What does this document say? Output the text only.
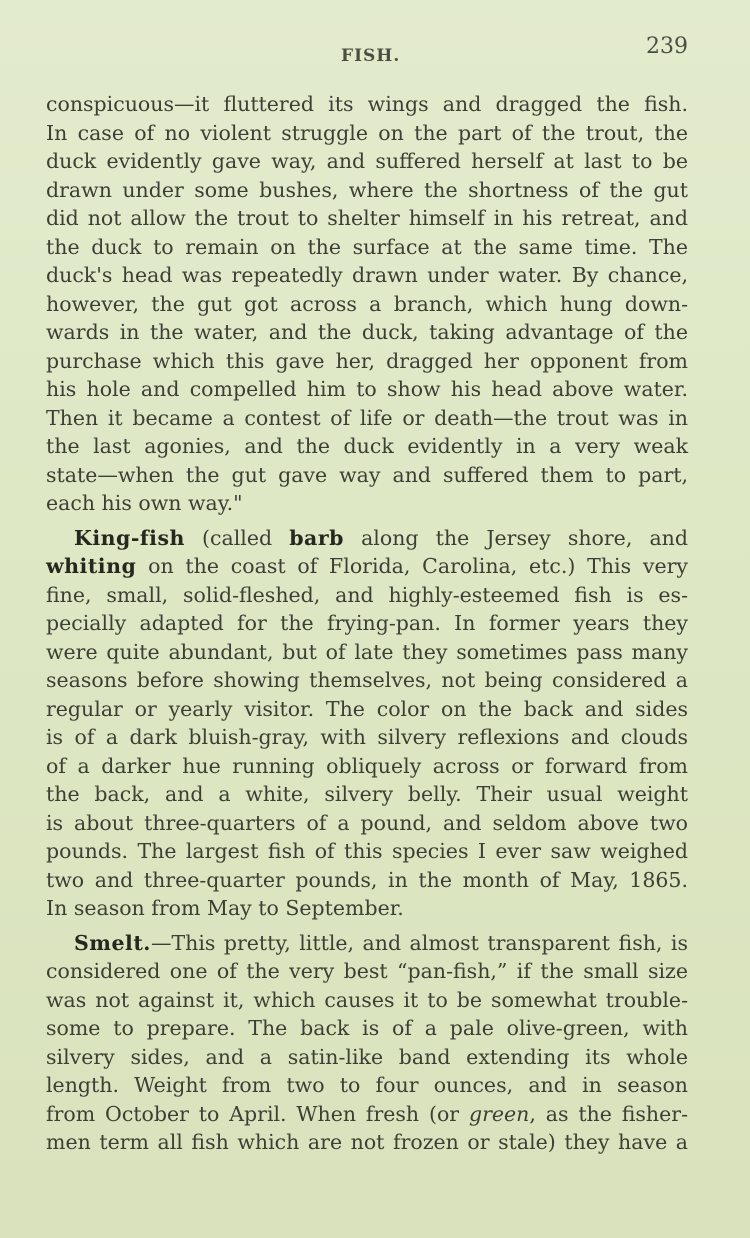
FISH.	239
conspicuous—it fluttered its wings and dragged the fish.
In case of no violent struggle on the part of the trout, the
duck evidently gave way, and suffered herself at last to be
drawn under some bushes, where the shortness of the gut
did not allow the trout to shelter himself in his retreat, and
the duck to remain on the surface at the same time. The
duck's head was repeatedly drawn under water. By chance,
however, the gut got across a branch, which hung down-
wards in the water, and the duck, taking advantage of the
purchase which this gave her, dragged her opponent from
his hole and compelled him to show his head above water.
Then it became a contest of life or death—the trout was in
the last agonies, and the duck evidently in a very weak
state—when the gut gave way and suffered them to part,
each his own way."
King-fish (called barb along the Jersey shore, and
whiting on the coast of Florida, Carolina, etc.) This very
fine, small, solid-fleshed, and highly-esteemed fish is es-
pecially adapted for the frying-pan. In former years they
were quite abundant, but of late they sometimes pass many
seasons before showing themselves, not being considered a
regular or yearly visitor. The color on the back and sides
is of a dark bluish-gray, with silvery reflexions and clouds
of a darker hue running obliquely across or forward from
the back, and a white, silvery belly. Their usual weight
is about three-quarters of a pound, and seldom above two
pounds. The largest fish of this species I ever saw weighed
two and three-quarter pounds, in the month of May, 1865.
In season from May to September.
Smelt.—This pretty, little, and almost transparent fish, is
considered one of the very best “pan-fish,” if the small size
was not against it, which causes it to be somewhat trouble-
some to prepare. The back is of a pale olive-green, with
silvery sides, and a satin-like band extending its whole
length. Weight from two to four ounces, and in season
from October to April. When fresh (or green, as the fisher-
men term all fish which are not frozen or stale) they have a
